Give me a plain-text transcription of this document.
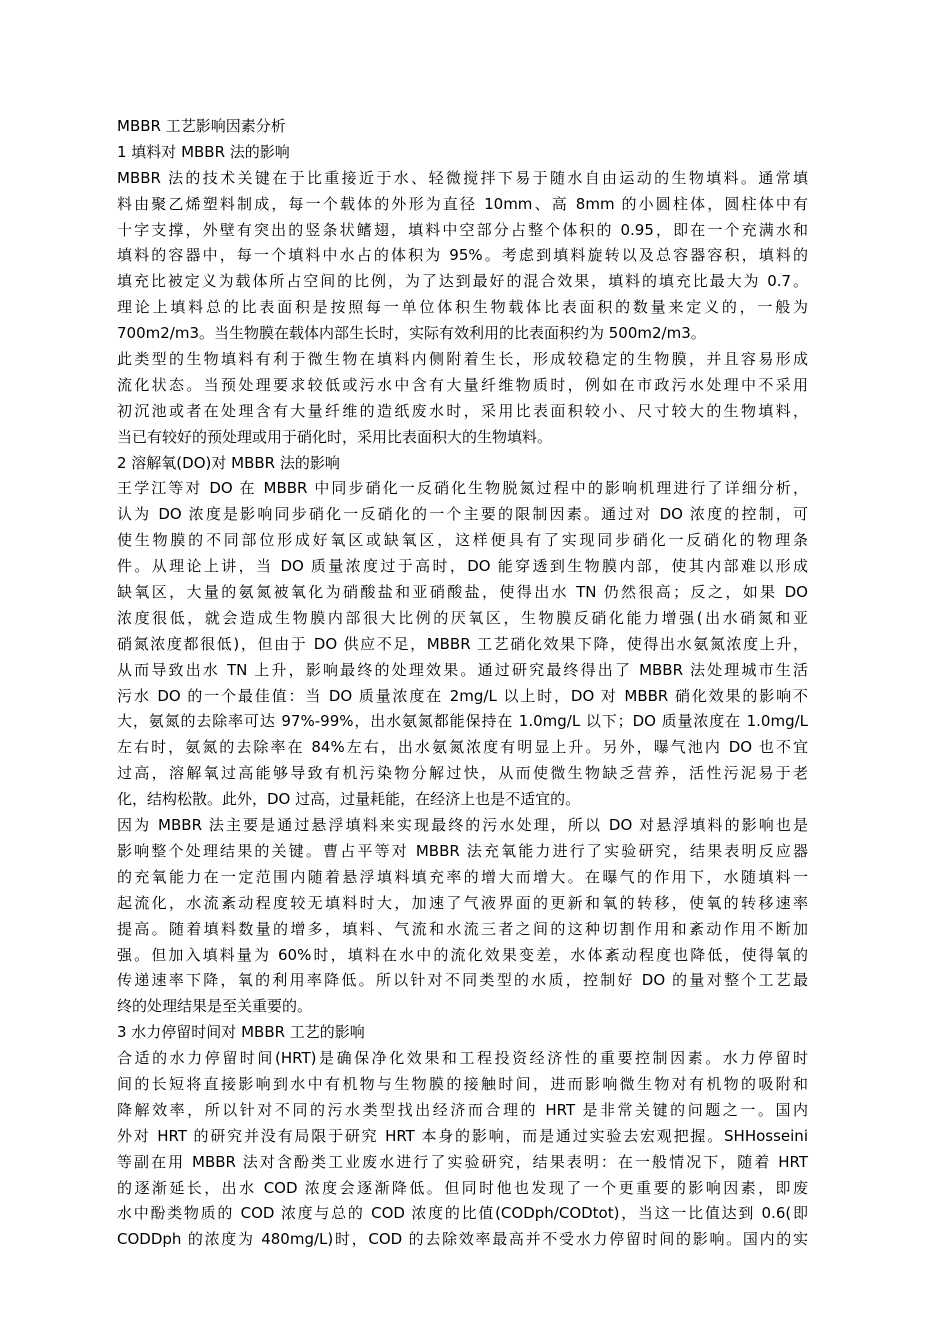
MBBR 工艺影响因素分析
1 填料对 MBBR 法的影响
MBBR 法的技术关键在于比重接近于水、轻微搅拌下易于随水自由运动的生物填料。通常填
料由聚乙烯塑料制成，每一个载体的外形为直径 10mm、高 8mm 的小圆柱体，圆柱体中有
十字支撑，外壁有突出的竖条状鳍翅，填料中空部分占整个体积的 0.95，即在一个充满水和
填料的容器中，每一个填料中水占的体积为 95%。考虑到填料旋转以及总容器容积，填料的
填充比被定义为载体所占空间的比例，为了达到最好的混合效果，填料的填充比最大为 0.7。
理论上填料总的比表面积是按照每一单位体积生物载体比表面积的数量来定义的，一般为
700m2/m3。当生物膜在载体内部生长时，实际有效利用的比表面积约为 500m2/m3。
此类型的生物填料有利于微生物在填料内侧附着生长，形成较稳定的生物膜，并且容易形成
流化状态。当预处理要求较低或污水中含有大量纤维物质时，例如在市政污水处理中不采用
初沉池或者在处理含有大量纤维的造纸废水时，采用比表面积较小、尺寸较大的生物填料，
当已有较好的预处理或用于硝化时，采用比表面积大的生物填料。
2 溶解氧(DO)对 MBBR 法的影响
王学江等对 DO 在 MBBR 中同步硝化一反硝化生物脱氮过程中的影响机理进行了详细分析，
认为 DO 浓度是影响同步硝化一反硝化的一个主要的限制因素。通过对 DO 浓度的控制，可
使生物膜的不同部位形成好氧区或缺氧区，这样便具有了实现同步硝化一反硝化的物理条
件。从理论上讲，当 DO 质量浓度过于高时，DO 能穿透到生物膜内部，使其内部难以形成
缺氧区，大量的氨氮被氧化为硝酸盐和亚硝酸盐，使得出水 TN 仍然很高；反之，如果 DO
浓度很低，就会造成生物膜内部很大比例的厌氧区，生物膜反硝化能力增强(出水硝氮和亚
硝氮浓度都很低)，但由于 DO 供应不足，MBBR 工艺硝化效果下降，使得出水氨氮浓度上升，
从而导致出水 TN 上升，影响最终的处理效果。通过研究最终得出了 MBBR 法处理城市生活
污水 DO 的一个最佳值：当 DO 质量浓度在 2mg/L 以上时，DO 对 MBBR 硝化效果的影响不
大，氨氮的去除率可达 97%-99%，出水氨氮都能保持在 1.0mg/L 以下；DO 质量浓度在 1.0mg/L
左右时，氨氮的去除率在 84%左右，出水氨氮浓度有明显上升。另外，曝气池内 DO 也不宜
过高，溶解氧过高能够导致有机污染物分解过快，从而使微生物缺乏营养，活性污泥易于老
化，结构松散。此外，DO 过高，过量耗能，在经济上也是不适宜的。
因为 MBBR 法主要是通过悬浮填料来实现最终的污水处理，所以 DO 对悬浮填料的影响也是
影响整个处理结果的关键。曹占平等对 MBBR 法充氧能力进行了实验研究，结果表明反应器
的充氧能力在一定范围内随着悬浮填料填充率的增大而增大。在曝气的作用下，水随填料一
起流化，水流紊动程度较无填料时大，加速了气液界面的更新和氧的转移，使氧的转移速率
提高。随着填料数量的增多，填料、气流和水流三者之间的这种切割作用和紊动作用不断加
强。但加入填料量为 60%时，填料在水中的流化效果变差，水体紊动程度也降低，使得氧的
传递速率下降，氧的利用率降低。所以针对不同类型的水质，控制好 DO 的量对整个工艺最
终的处理结果是至关重要的。
3 水力停留时间对 MBBR 工艺的影响
合适的水力停留时间(HRT)是确保净化效果和工程投资经济性的重要控制因素。水力停留时
间的长短将直接影响到水中有机物与生物膜的接触时间，进而影响微生物对有机物的吸附和
降解效率，所以针对不同的污水类型找出经济而合理的 HRT 是非常关键的问题之一。国内
外对 HRT 的研究并没有局限于研究 HRT 本身的影响，而是通过实验去宏观把握。SHHosseini
等副在用 MBBR 法对含酚类工业废水进行了实验研究，结果表明：在一般情况下，随着 HRT
的逐渐延长，出水 COD 浓度会逐渐降低。但同时他也发现了一个更重要的影响因素，即废
水中酚类物质的 COD 浓度与总的 COD 浓度的比值(CODph/CODtot)，当这一比值达到 0.6(即
CODDph 的浓度为 480mg/L)时，COD 的去除效率最高并不受水力停留时间的影响。国内的实
